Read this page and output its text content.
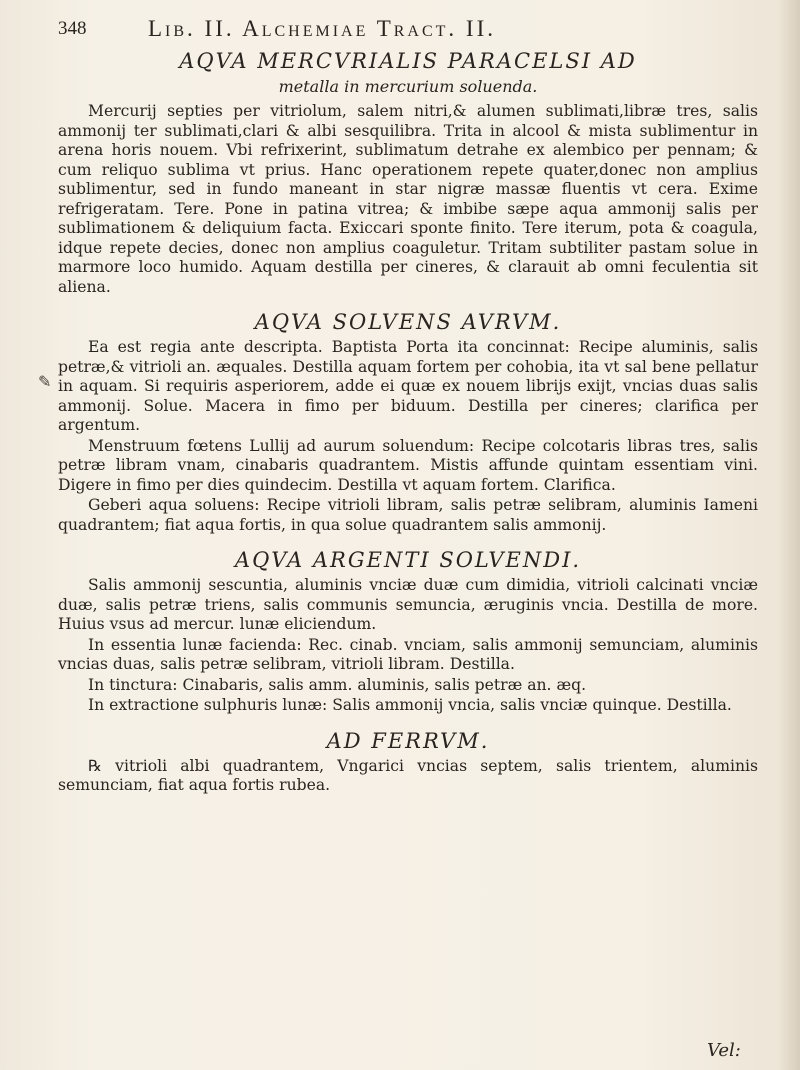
348	Lib. II. Alchemiae Tract. II.
AQVA MERCVRIALIS PARACELSI AD
metalla in mercurium soluenda.

Mercurij septies per vitriolum, salem nitri,& alumen sublimati,libræ tres, salis ammonij ter sublimati,clari & albi sesquilibra. Trita in alcool & mista sublimentur in arena horis nouem. Vbi refrixerint, sublimatum detrahe ex alembico per pennam; & cum reliquo sublima vt prius. Hanc operationem repete quater,donec non amplius sublimentur, sed in fundo maneant in star nigræ massæ fluentis vt cera. Exime refrigeratam. Tere. Pone in patina vitrea; & imbibe sæpe aqua ammonij salis per sublimationem & deliquium facta. Exiccari sponte finito. Tere iterum, pota & coagula, idque repete decies, donec non amplius coaguletur. Tritam subtiliter pastam solue in marmore loco humido. Aquam destilla per cineres, & clarauit ab omni feculentia sit aliena.

AQVA SOLVENS AVRVM.

Ea est regia ante descripta. Baptista Porta ita concinnat: Recipe aluminis, salis petræ,& vitrioli an. æquales. Destilla aquam fortem per cohobia, ita vt sal bene pellatur in aquam. Si requiris asperiorem, adde ei quæ ex nouem librijs exijt, vncias duas salis ammonij. Solue. Macera in fimo per biduum. Destilla per cineres; clarifica per argentum.

Menstruum fœtens Lullij ad aurum soluendum: Recipe colcotaris libras tres, salis petræ libram vnam, cinabaris quadrantem. Mistis affunde quintam essentiam vini. Digere in fimo per dies quindecim. Destilla vt aquam fortem. Clarifica.

Geberi aqua soluens: Recipe vitrioli libram, salis petræ selibram, aluminis Iameni quadrantem; fiat aqua fortis, in qua solue quadrantem salis ammonij.

AQVA ARGENTI SOLVENDI.

Salis ammonij sescuntia, aluminis vnciæ duæ cum dimidia, vitrioli calcinati vnciæ duæ, salis petræ triens, salis communis semuncia, æruginis vncia. Destilla de more. Huius vsus ad mercur. lunæ eliciendum.

In essentia lunæ facienda: Rec. cinab. vnciam, salis ammonij semunciam, aluminis vncias duas, salis petræ selibram, vitrioli libram. Destilla.

In tinctura: Cinabaris, salis amm. aluminis, salis petræ an. æq.

In extractione sulphuris lunæ: Salis ammonij vncia, salis vnciæ quinque. Destilla.

AD FERRVM.

℞ vitrioli albi quadrantem, Vngarici vncias septem, salis trientem, aluminis semunciam, fiat aqua fortis rubea.

✎
Vel:
